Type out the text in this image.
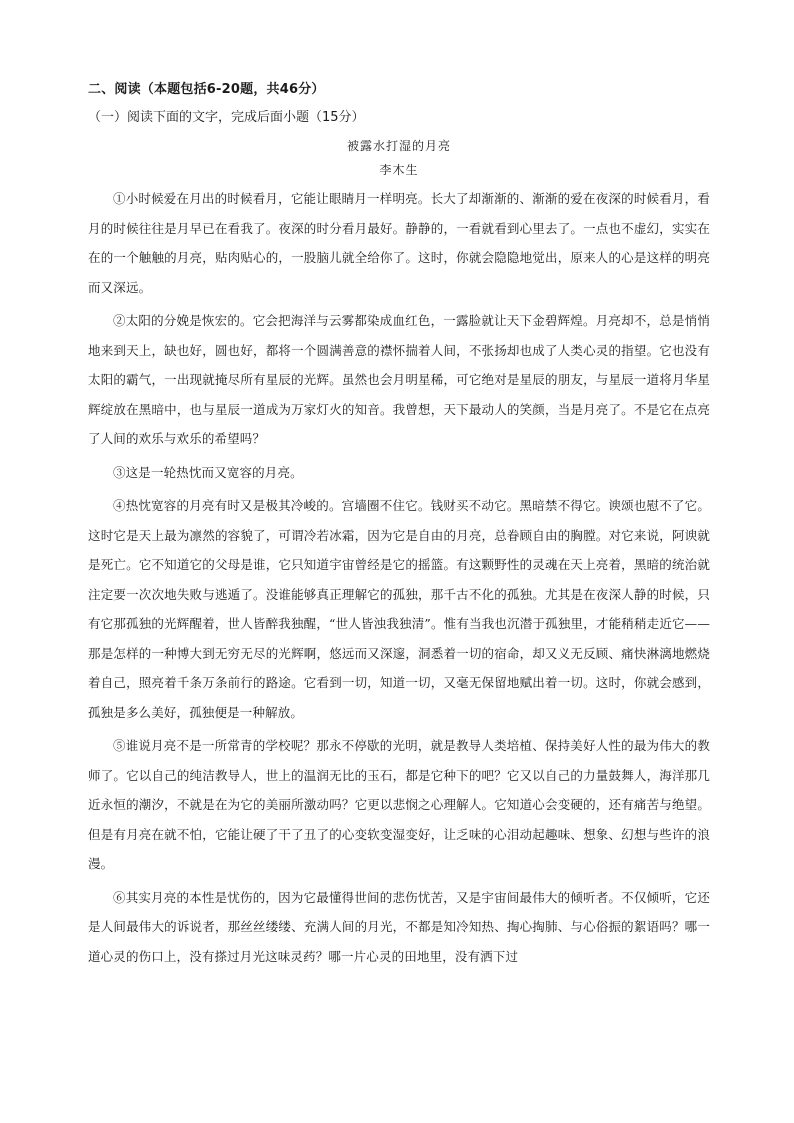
二、阅读（本题包括6-20题，共46分）
（一）阅读下面的文字，完成后面小题（15分）
被露水打湿的月亮
李木生

①小时候爱在月出的时候看月，它能让眼睛月一样明亮。长大了却渐渐的、渐渐的爱在夜深的时候看月，看月的时候往往是月早已在看我了。夜深的时分看月最好。静静的，一看就看到心里去了。一点也不虚幻，实实在在的一个触触的月亮，贴肉贴心的，一股脑儿就全给你了。这时，你就会隐隐地觉出，原来人的心是这样的明亮而又深远。

②太阳的分娩是恢宏的。它会把海洋与云雾都染成血红色，一露脸就让天下金碧辉煌。月亮却不，总是悄悄地来到天上，缺也好，圆也好，都将一个圆满善意的襟怀揣着人间，不张扬却也成了人类心灵的指望。它也没有太阳的霸气，一出现就掩尽所有星辰的光辉。虽然也会月明星稀，可它绝对是星辰的朋友，与星辰一道将月华星辉绽放在黑暗中，也与星辰一道成为万家灯火的知音。我曾想，天下最动人的笑颜，当是月亮了。不是它在点亮了人间的欢乐与欢乐的希望吗？

③这是一轮热忱而又宽容的月亮。

④热忱宽容的月亮有时又是极其冷峻的。宫墙圈不住它。钱财买不动它。黑暗禁不得它。谀颂也慰不了它。这时它是天上最为凛然的容貌了，可谓冷若冰霜，因为它是自由的月亮，总眷顾自由的胸膛。对它来说，阿谀就是死亡。它不知道它的父母是谁，它只知道宇宙曾经是它的摇篮。有这颗野性的灵魂在天上亮着，黑暗的统治就注定要一次次地失败与逃遁了。没谁能够真正理解它的孤独，那千古不化的孤独。尤其是在夜深人静的时候，只有它那孤独的光辉醒着，世人皆醉我独醒，“世人皆浊我独清”。惟有当我也沉潜于孤独里，才能稍稍走近它——那是怎样的一种博大到无穷无尽的光辉啊，悠远而又深邃，洞悉着一切的宿命，却又义无反顾、痛快淋漓地燃烧着自己，照亮着千条万条前行的路途。它看到一切，知道一切，又毫无保留地赋出着一切。这时，你就会感到，孤独是多么美好，孤独便是一种解放。

⑤谁说月亮不是一所常青的学校呢？那永不停歇的光明，就是教导人类培植、保持美好人性的最为伟大的教师了。它以自己的纯洁教导人，世上的温润无比的玉石，都是它种下的吧？它又以自己的力量鼓舞人，海洋那几近永恒的潮汐，不就是在为它的美丽所激动吗？它更以悲悯之心理解人。它知道心会变硬的，还有痛苦与绝望。但是有月亮在就不怕，它能让硬了干了丑了的心变软变湿变好，让乏味的心泪动起趣味、想象、幻想与些许的浪漫。

⑥其实月亮的本性是忧伤的，因为它最懂得世间的悲伤忧苦，又是宇宙间最伟大的倾听者。不仅倾听，它还是人间最伟大的诉说者，那丝丝缕缕、充满人间的月光，不都是知冷知热、掏心掏肺、与心俗振的絮语吗？哪一道心灵的伤口上，没有搽过月光这味灵药？哪一片心灵的田地里，没有洒下过
